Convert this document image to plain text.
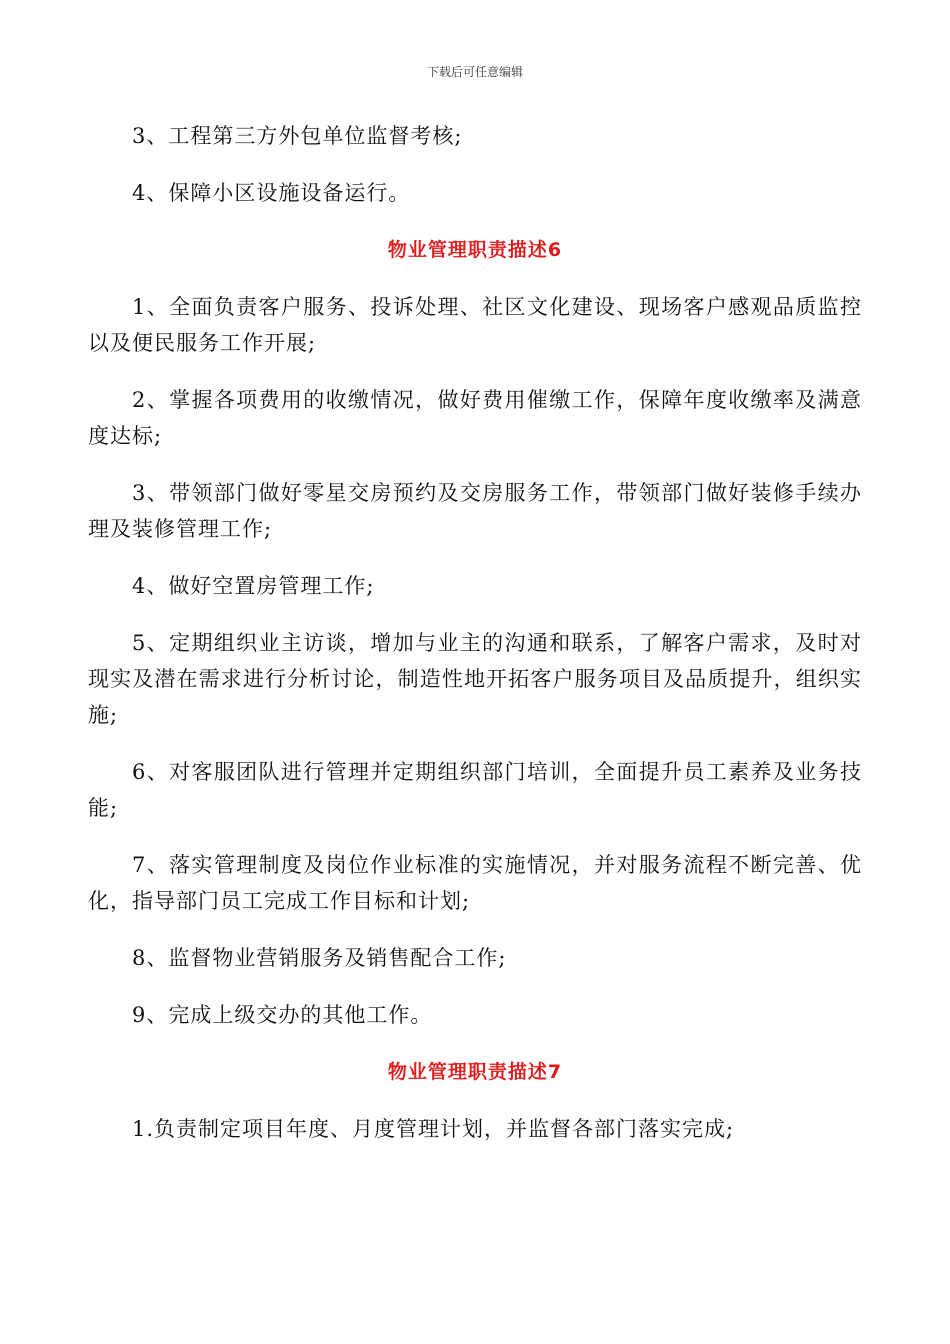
下载后可任意编辑

3、工程第三方外包单位监督考核;

4、保障小区设施设备运行。

物业管理职责描述6

1、全面负责客户服务、投诉处理、社区文化建设、现场客户感观品质监控以及便民服务工作开展;

2、掌握各项费用的收缴情况，做好费用催缴工作，保障年度收缴率及满意度达标;

3、带领部门做好零星交房预约及交房服务工作，带领部门做好装修手续办理及装修管理工作;

4、做好空置房管理工作;

5、定期组织业主访谈，增加与业主的沟通和联系，了解客户需求，及时对现实及潜在需求进行分析讨论，制造性地开拓客户服务项目及品质提升，组织实施;

6、对客服团队进行管理并定期组织部门培训，全面提升员工素养及业务技能;

7、落实管理制度及岗位作业标准的实施情况，并对服务流程不断完善、优化，指导部门员工完成工作目标和计划;

8、监督物业营销服务及销售配合工作;

9、完成上级交办的其他工作。

物业管理职责描述7

1.负责制定项目年度、月度管理计划，并监督各部门落实完成;
